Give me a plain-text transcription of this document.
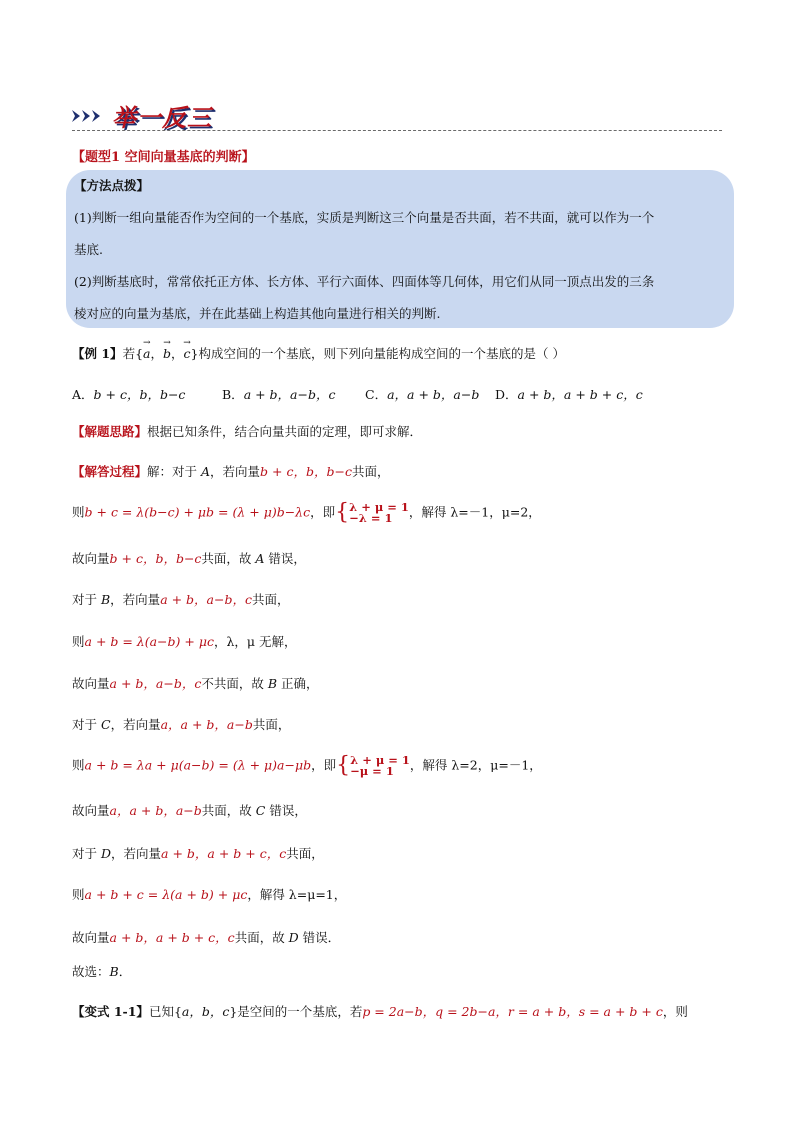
举一反三
【题型1 空间向量基底的判断】
【方法点拨】
(1)判断一组向量能否作为空间的一个基底，实质是判断这三个向量是否共面，若不共面，就可以作为一个
基底.
(2)判断基底时，常常依托正方体、长方体、平行六面体、四面体等几何体，用它们从同一顶点出发的三条
棱对应的向量为基底，并在此基础上构造其他向量进行相关的判断.
【例 1】若{→ a，→ b，→ c}构成空间的一个基底，则下列向量能构成空间的一个基底的是（ ）
A．b + c，b，b−c	B．a + b，a−b，c C．a，a + b，a−b D．a + b，a + b + c，c
【解题思路】根据已知条件，结合向量共面的定理，即可求解．
【解答过程】解：对于 A，若向量b + c，b，b−c共面，
则b + c = λ(b−c) + μb = (λ + μ)b−λc，即{λ + μ = 1
−λ = 1 ，解得 λ=－1，μ=2，
故向量b + c，b，b−c共面，故 A 错误，
对于 B，若向量a + b，a−b，c共面，
则a + b = λ(a−b) + μc，λ，μ 无解，
故向量a + b，a−b，c不共面，故 B 正确，
对于 C，若向量a，a + b，a−b共面，
则a + b = λa + μ(a−b) = (λ + μ)a−μb，即{λ + μ = 1
−μ = 1 ，解得 λ=2，μ=－1，
故向量a，a + b，a−b共面，故 C 错误，
对于 D，若向量a + b，a + b + c，c共面，
则a + b + c = λ(a + b) + μc，解得 λ=μ=1，
故向量a + b，a + b + c，c共面，故 D 错误．
故选：B．
【变式 1-1】已知{a，b，c}是空间的一个基底，若p = 2a−b，q = 2b−a，r = a + b，s = a + b + c，则
